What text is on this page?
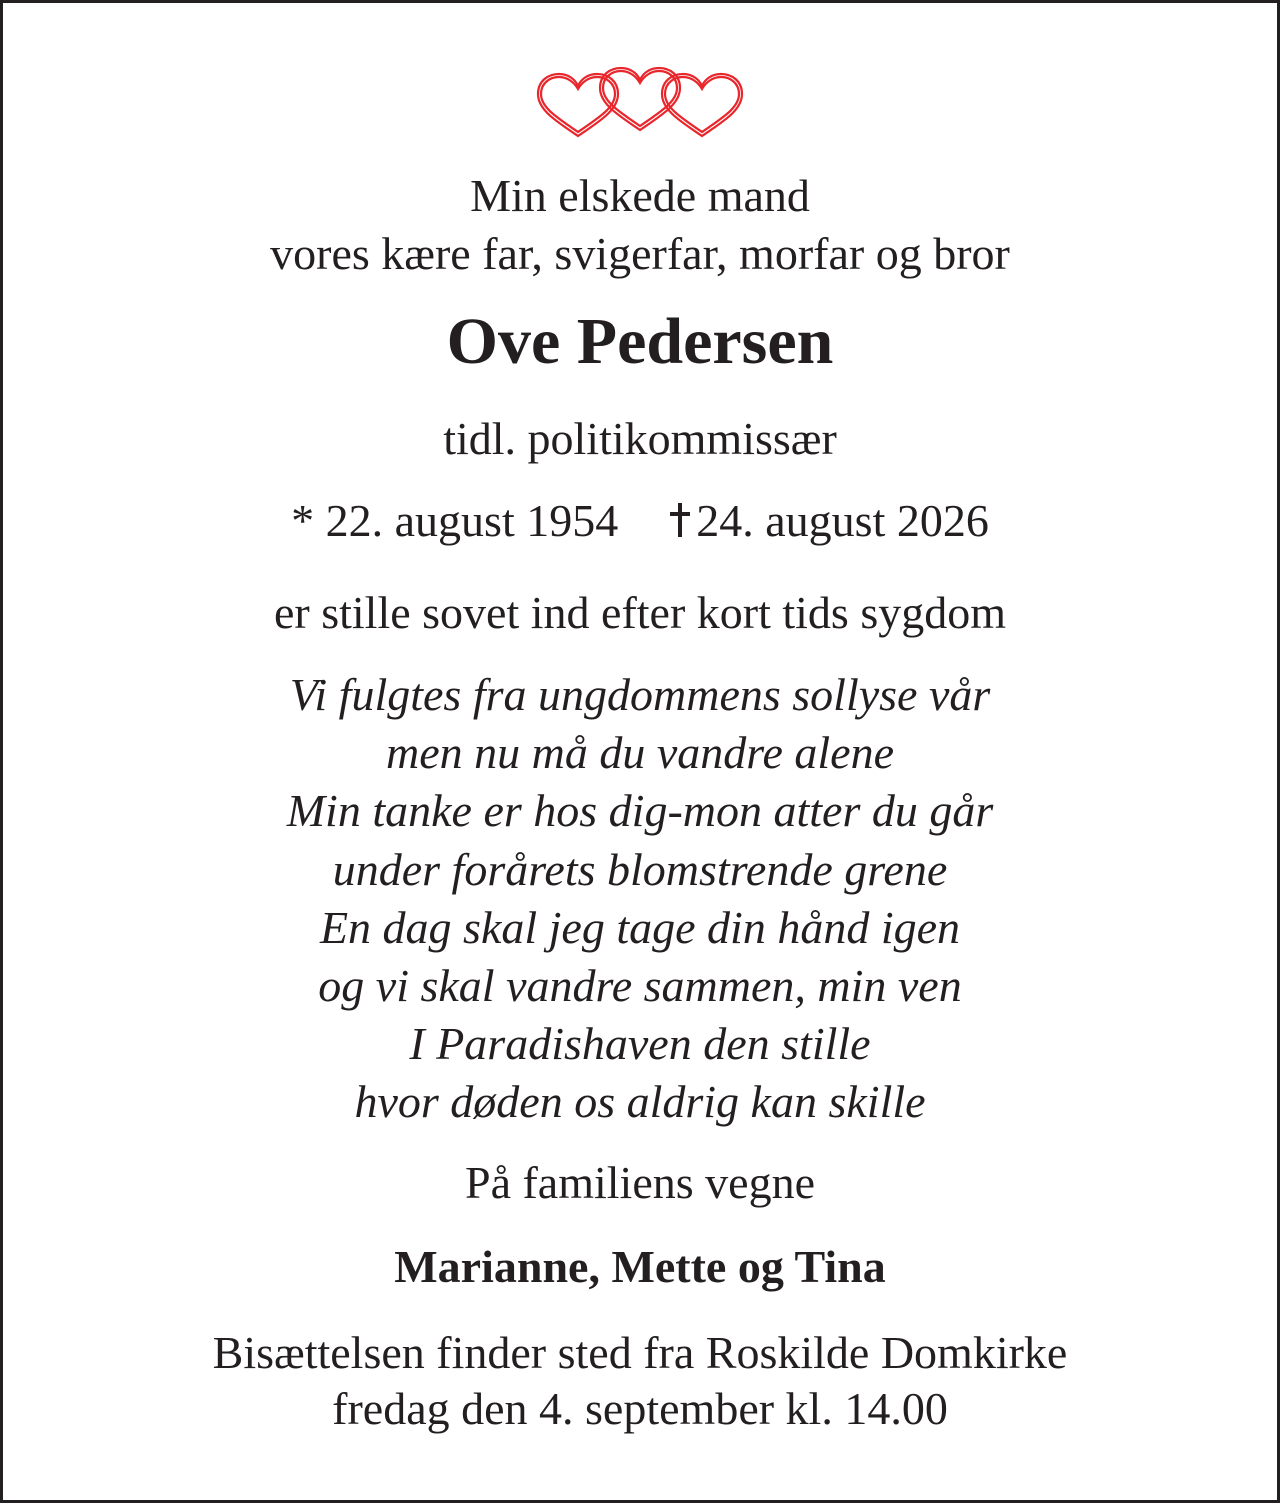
Min elskede mand
vores kære far, svigerfar, morfar og bror

Ove Pedersen

tidl. politikommissær

* 22. august 1954 24. august 2026

er stille sovet ind efter kort tids sygdom

Vi fulgtes fra ungdommens sollyse vår
men nu må du vandre alene
Min tanke er hos dig-mon atter du går
under forårets blomstrende grene
En dag skal jeg tage din hånd igen
og vi skal vandre sammen, min ven
I Paradishaven den stille
hvor døden os aldrig kan skille

På familiens vegne

Marianne, Mette og Tina

Bisættelsen finder sted fra Roskilde Domkirke
fredag den 4. september kl. 14.00
